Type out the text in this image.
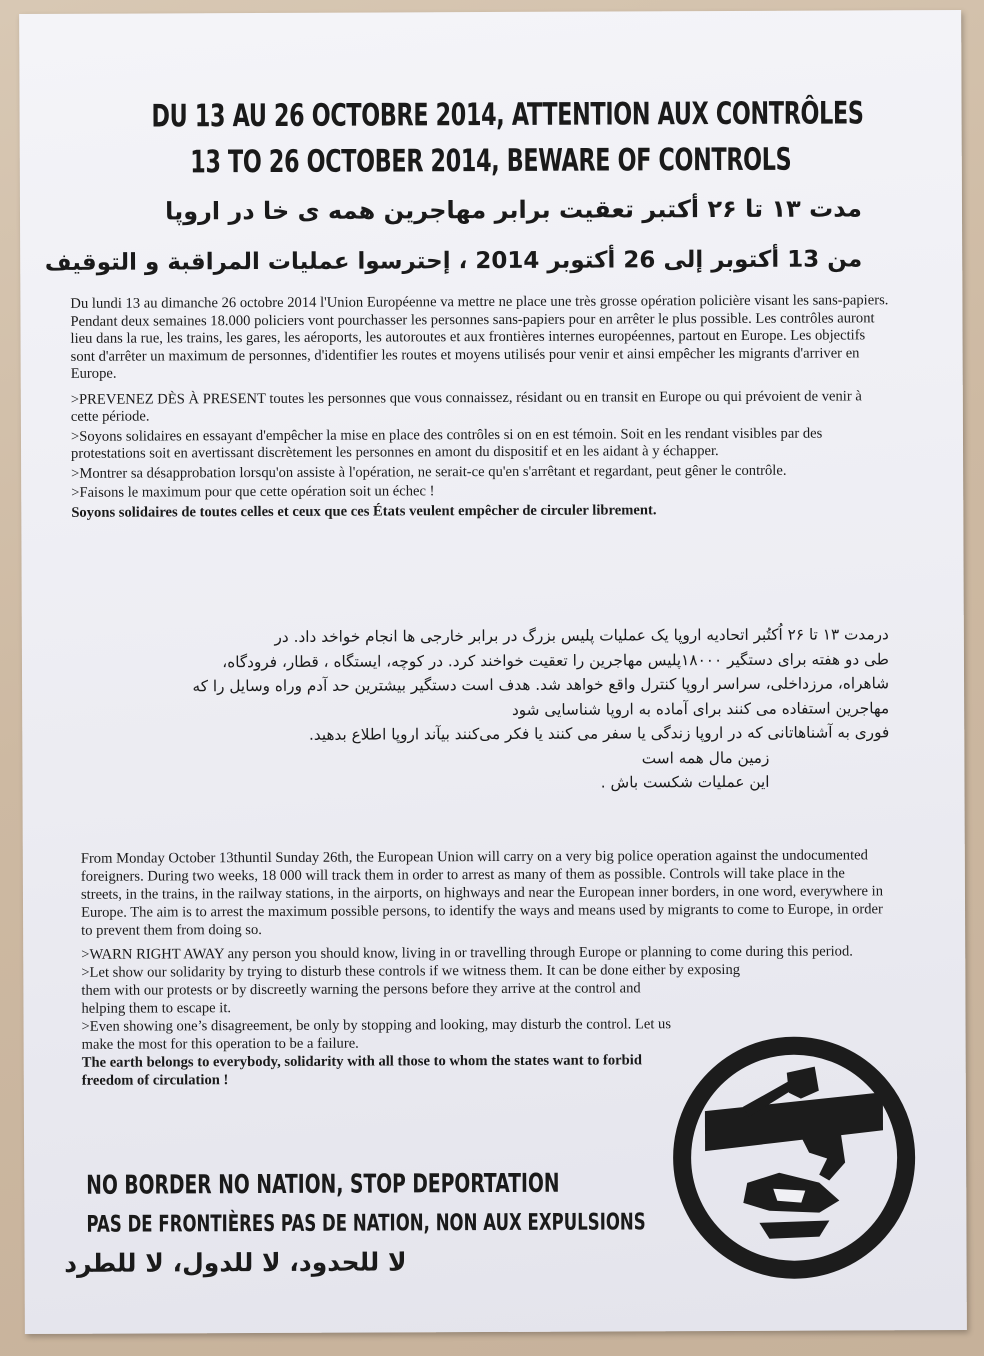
DU 13 AU 26 OCTOBRE 2014, ATTENTION AUX CONTRÔLES
13 TO 26 OCTOBER 2014, BEWARE OF CONTROLS
مدت ۱۳ تا ۲۶ أكتبر تعقيت برابر مهاجرين همه ی خا در اروپا
من 13 أكتوبر إلى 26 أكتوبر 2014 ، إحترسوا عمليات المراقبة و التوقيف

Du lundi 13 au dimanche 26 octobre 2014 l'Union Européenne va mettre ne place une très grosse opération policière visant les sans-papiers. Pendant deux semaines 18.000 policiers vont pourchasser les personnes sans-papiers pour en arrêter le plus possible. Les contrôles auront lieu dans la rue, les trains, les gares, les aéroports, les autoroutes et aux frontières internes européennes, partout en Europe. Les objectifs sont d'arrêter un maximum de personnes, d'identifier les routes et moyens utilisés pour venir et ainsi empêcher les migrants d'arriver en Europe.

>PREVENEZ DÈS À PRESENT toutes les personnes que vous connaissez, résidant ou en transit en Europe ou qui prévoient de venir à cette période.

>Soyons solidaires en essayant d'empêcher la mise en place des contrôles si on en est témoin. Soit en les rendant visibles par des protestations soit en avertissant discrètement les personnes en amont du dispositif et en les aidant à y échapper.

>Montrer sa désapprobation lorsqu'on assiste à l'opération, ne serait-ce qu'en s'arrêtant et regardant, peut gêner le contrôle.

>Faisons le maximum pour que cette opération soit un échec !

Soyons solidaires de toutes celles et ceux que ces États veulent empêcher de circuler librement.

درمدت ۱۳ تا ۲۶ اُکتُبر اتحادیه اروپا یک عملیات پلیس بزرگ در برابر خارجی ها انجام خواخد داد. در

طی دو هفته برای دستگیر ۱۸۰۰۰پلیس مهاجرین را تعقیت خواخند کرد. در کوچه، ایستگاه ، قطار، فرودگاه،

شاهراه، مرزداخلی، سراسر اروپا کنترل واقع خواهد شد. هدف است دستگیر بیشترین حد آدم وراه وسایل را که

مهاجرین استفاده می کنند برای آماده به اروپا شناسایی شود

فوری به آشناهاتانی که در اروپا زندگی یا سفر می کنند یا فکر می‌کنند بیآند اروپا اطلاع بدهید.

زمین مال همه است

این عملیات شکست باش .

From Monday October 13thuntil Sunday 26th, the European Union will carry on a very big police operation against the undocumented foreigners. During two weeks, 18 000 will track them in order to arrest as many of them as possible. Controls will take place in the streets, in the trains, in the railway stations, in the airports, on highways and near the European inner borders, in one word, everywhere in Europe. The aim is to arrest the maximum possible persons, to identify the ways and means used by migrants to come to Europe, in order to prevent them from doing so.

>WARN RIGHT AWAY any person you should know, living in or travelling through Europe or planning to come during this period.

>Let show our solidarity by trying to disturb these controls if we witness them. It can be done either by exposing

them with our protests or by discreetly warning the persons before they arrive at the control and helping them to escape it.

>Even showing one’s disagreement, be only by stopping and looking, may disturb the control. Let us make the most for this operation to be a failure.

The earth belongs to everybody, solidarity with all those to whom the states want to forbid freedom of circulation !

NO BORDER NO NATION, STOP DEPORTATION
PAS DE FRONTIÈRES PAS DE NATION, NON AUX EXPULSIONS
لا للحدود، لا للدول، لا للطرد
